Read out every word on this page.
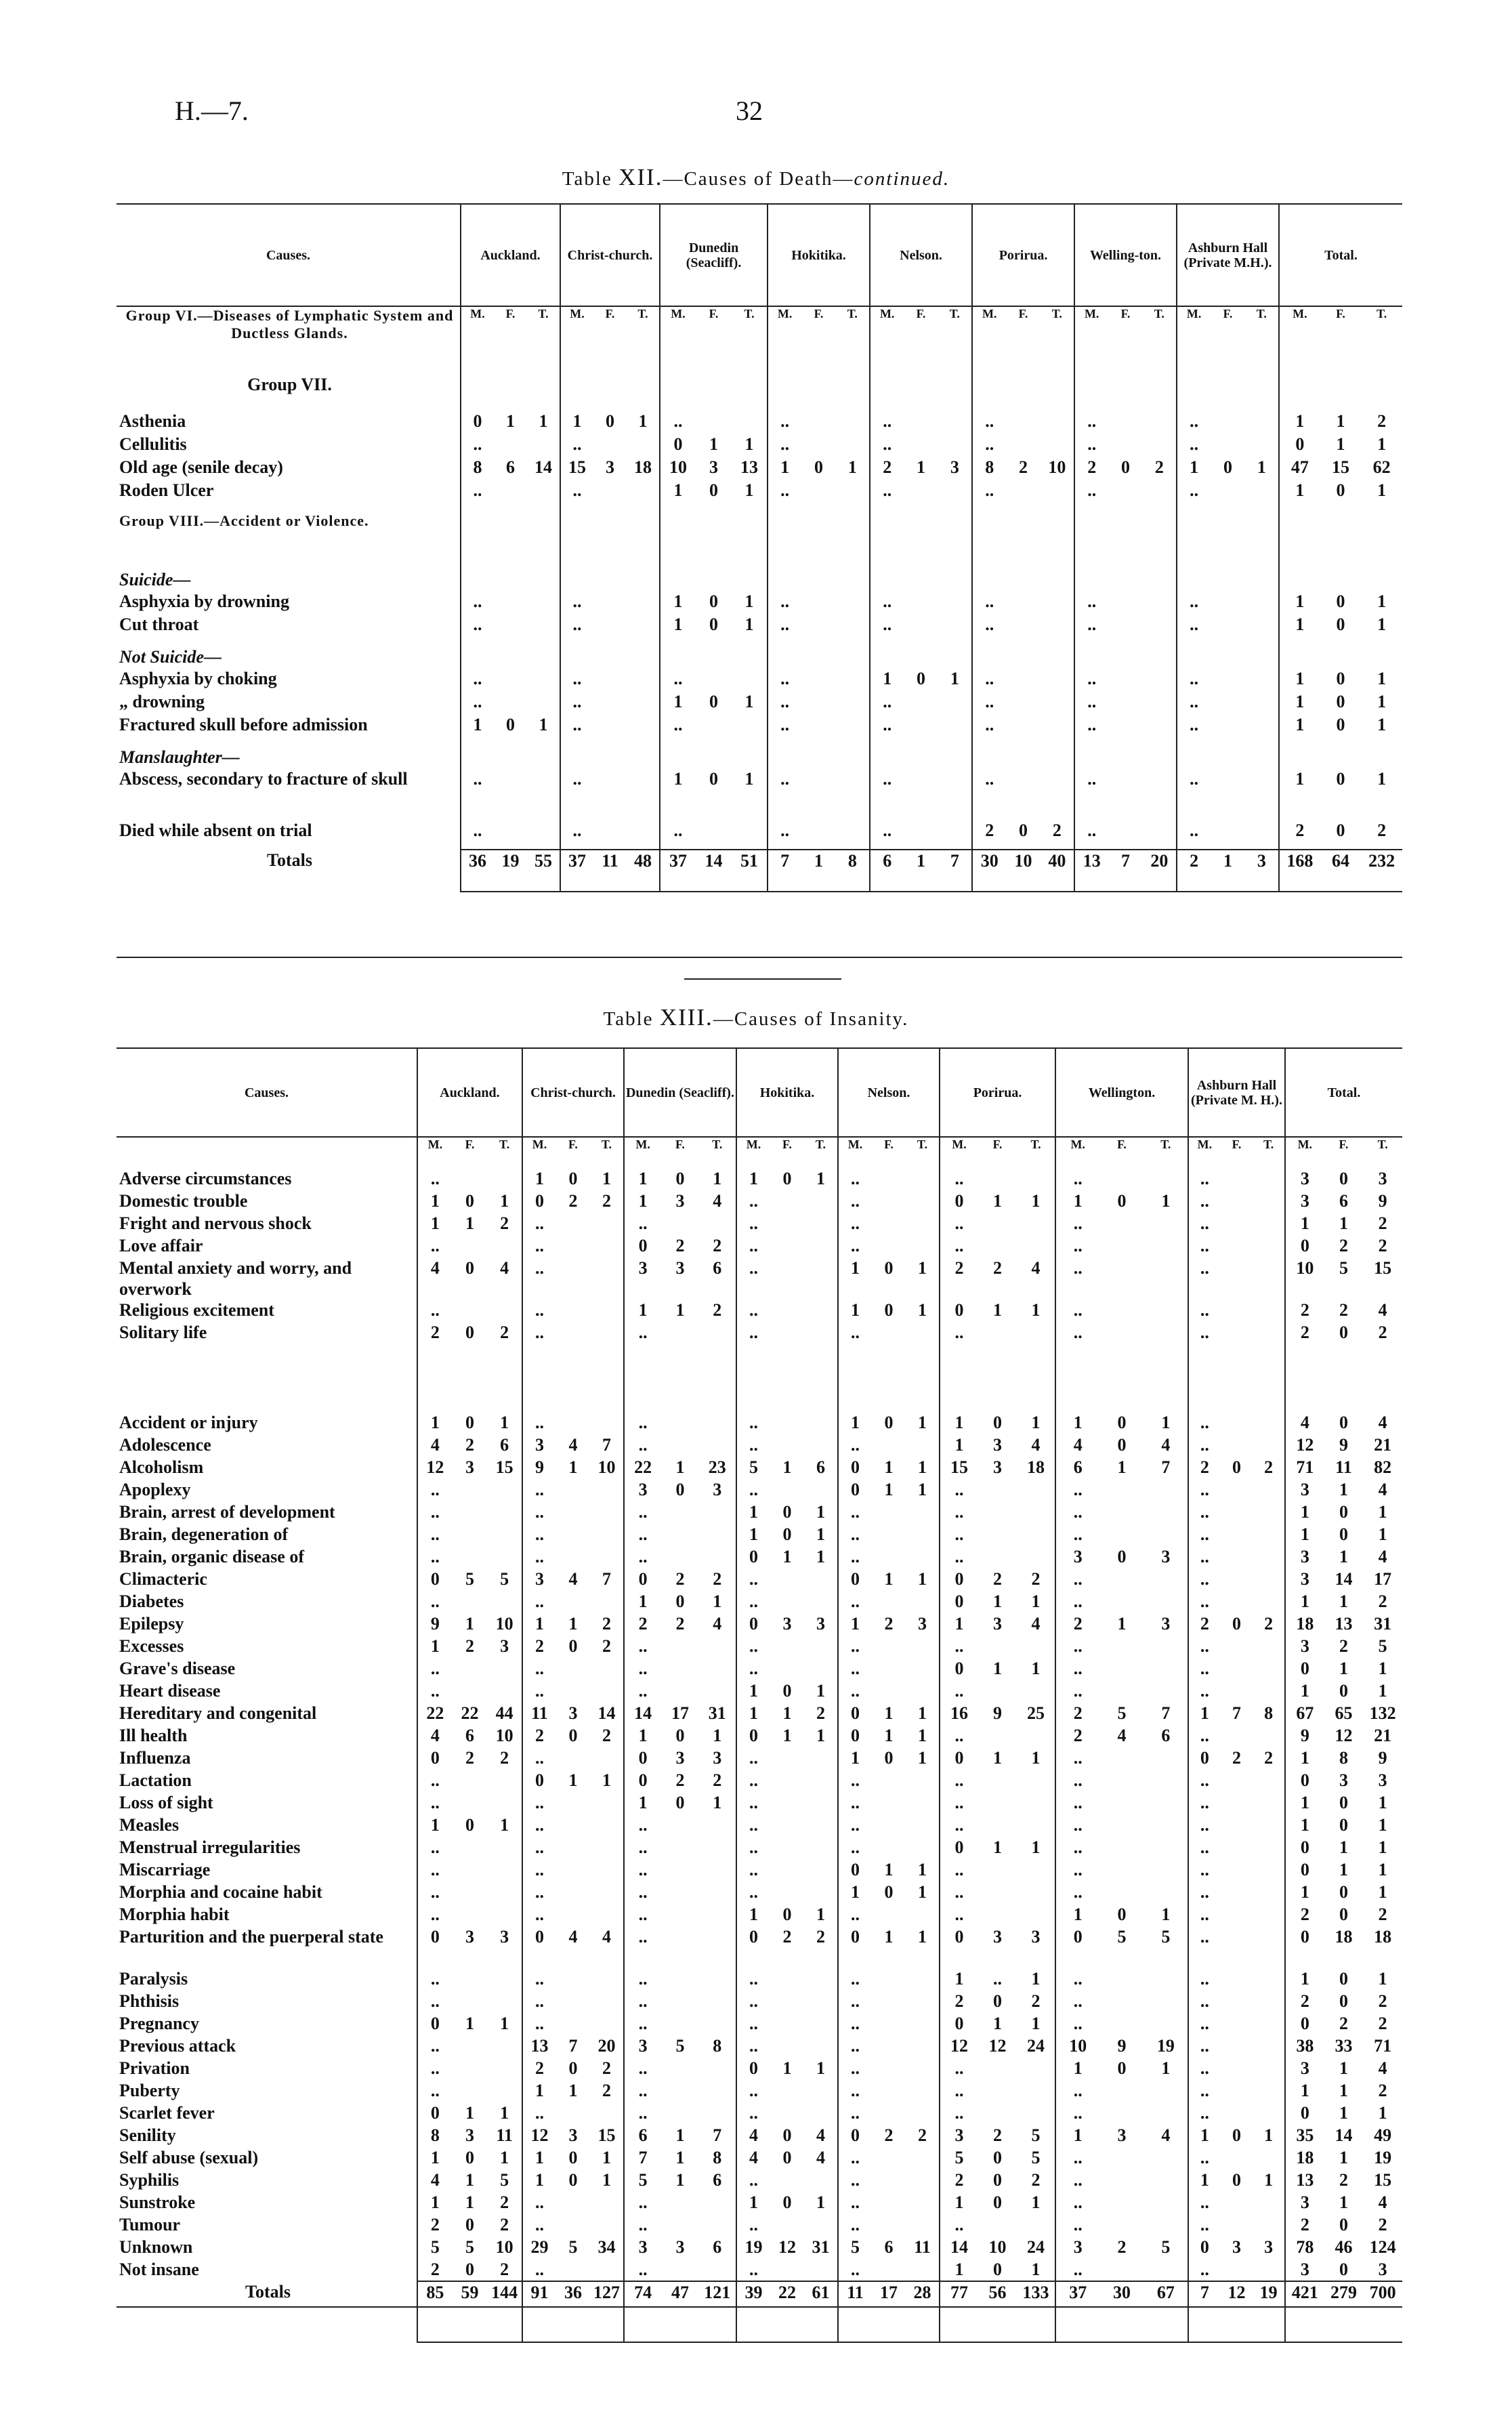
H.—7.	32
Table XII.—Causes of Death—continued.
Causes.	Auckland.			Christ-church.			Dunedin (Seacliff).			Hokitika.			Nelson.			Porirua.			Welling-ton.			Ashburn Hall (Private M.H.).			Total.		
Group VI.—Diseases of Lymphatic System and Ductless Glands.	M.	F.	T.	M.	F.	T.	M.	F.	T.	M.	F.	T.	M.	F.	T.	M.	F.	T.	M.	F.	T.	M.	F.	T.	M.	F.	T.
Group VII.																											
Asthenia	0	1	1	1	0	1	..			..			..			..			..			..			1	1	2
Cellulitis	..			..			0	1	1	..			..			..			..			..			0	1	1
Old age (senile decay)	8	6	14	15	3	18	10	3	13	1	0	1	2	1	3	8	2	10	2	0	2	1	0	1	47	15	62
Roden Ulcer	..			..			1	0	1	..			..			..			..			..			1	0	1
Group VIII.—Accident or Violence.																											
Suicide—																											
Asphyxia by drowning	..			..			1	0	1	..			..			..			..			..			1	0	1
Cut throat	..			..			1	0	1	..			..			..			..			..			1	0	1
Not Suicide—																											
Asphyxia by choking	..			..			..			..			1	0	1	..			..			..			1	0	1
„ drowning	..			..			1	0	1	..			..			..			..			..			1	0	1
Fractured skull before admission	1	0	1	..			..			..			..			..			..			..			1	0	1
Manslaughter—																											
Abscess, secondary to fracture of skull	..			..			1	0	1	..			..			..			..			..			1	0	1
Died while absent on trial	..			..			..			..			..			2	0	2	..			..			2	0	2
Totals	36	19	55	37	11	48	37	14	51	7	1	8	6	1	7	30	10	40	13	7	20	2	1	3	168	64	232
Table XIII.—Causes of Insanity.
Causes.	Auckland.			Christ-church.			Dunedin (Seacliff).			Hokitika.			Nelson.			Porirua.			Wellington.			Ashburn Hall (Private M. H.).			Total.		
	M.	F.	T.	M.	F.	T.	M.	F.	T.	M.	F.	T.	M.	F.	T.	M.	F.	T.	M.	F.	T.	M.	F.	T.	M.	F.	T.
Adverse circumstances	..			1	0	1	1	0	1	1	0	1	..			..			..			..			3	0	3
Domestic trouble	1	0	1	0	2	2	1	3	4	..			..			0	1	1	1	0	1	..			3	6	9
Fright and nervous shock	1	1	2	..			..			..			..			..			..			..			1	1	2
Love affair	..			..			0	2	2	..			..			..			..			..			0	2	2
Mental anxiety and worry, and overwork	4	0	4	..			3	3	6	..			1	0	1	2	2	4	..			..			10	5	15
Religious excitement	..			..			1	1	2	..			1	0	1	0	1	1	..			..			2	2	4
Solitary life	2	0	2	..			..			..			..			..			..			..			2	0	2

Accident or injury	1	0	1	..			..			..			1	0	1	1	0	1	1	0	1	..			4	0	4
Adolescence	4	2	6	3	4	7	..			..			..			1	3	4	4	0	4	..			12	9	21
Alcoholism	12	3	15	9	1	10	22	1	23	5	1	6	0	1	1	15	3	18	6	1	7	2	0	2	71	11	82
Apoplexy	..			..			3	0	3	..			0	1	1	..			..			..			3	1	4
Brain, arrest of development	..			..			..			1	0	1	..			..			..			..			1	0	1
Brain, degeneration of	..			..			..			1	0	1	..			..			..			..			1	0	1
Brain, organic disease of	..			..			..			0	1	1	..			..			3	0	3	..			3	1	4
Climacteric	0	5	5	3	4	7	0	2	2	..			0	1	1	0	2	2	..			..			3	14	17
Diabetes	..			..			1	0	1	..			..			0	1	1	..			..			1	1	2
Epilepsy	9	1	10	1	1	2	2	2	4	0	3	3	1	2	3	1	3	4	2	1	3	2	0	2	18	13	31
Excesses	1	2	3	2	0	2	..			..			..			..			..			..			3	2	5
Grave's disease	..			..			..			..			..			0	1	1	..			..			0	1	1
Heart disease	..			..			..			1	0	1	..			..			..			..			1	0	1
Hereditary and congenital	22	22	44	11	3	14	14	17	31	1	1	2	0	1	1	16	9	25	2	5	7	1	7	8	67	65	132
Ill health	4	6	10	2	0	2	1	0	1	0	1	1	0	1	1	..			2	4	6	..			9	12	21
Influenza	0	2	2	..			0	3	3	..			1	0	1	0	1	1	..			0	2	2	1	8	9
Lactation	..			0	1	1	0	2	2	..			..			..			..			..			0	3	3
Loss of sight	..			..			1	0	1	..			..			..			..			..			1	0	1
Measles	1	0	1	..			..			..			..			..			..			..			1	0	1
Menstrual irregularities	..			..			..			..			..			0	1	1	..			..			0	1	1
Miscarriage	..			..			..			..			0	1	1	..			..			..			0	1	1
Morphia and cocaine habit	..			..			..			..			1	0	1	..			..			..			1	0	1
Morphia habit	..			..			..			1	0	1	..			..			1	0	1	..			2	0	2
Parturition and the puerperal state	0	3	3	0	4	4	..			0	2	2	0	1	1	0	3	3	0	5	5	..			0	18	18
Paralysis	..			..			..			..			..			1	..	1	..			..			1	0	1
Phthisis	..			..			..			..			..			2	0	2	..			..			2	0	2
Pregnancy	0	1	1	..			..			..			..			0	1	1	..			..			0	2	2
Previous attack	..			13	7	20	3	5	8	..			..			12	12	24	10	9	19	..			38	33	71
Privation	..			2	0	2	..			0	1	1	..			..			1	0	1	..			3	1	4
Puberty	..			1	1	2	..			..			..			..			..			..			1	1	2
Scarlet fever	0	1	1	..			..			..			..			..			..			..			0	1	1
Senility	8	3	11	12	3	15	6	1	7	4	0	4	0	2	2	3	2	5	1	3	4	1	0	1	35	14	49
Self abuse (sexual)	1	0	1	1	0	1	7	1	8	4	0	4	..			5	0	5	..			..			18	1	19
Syphilis	4	1	5	1	0	1	5	1	6	..			..			2	0	2	..			1	0	1	13	2	15
Sunstroke	1	1	2	..			..			1	0	1	..			1	0	1	..			..			3	1	4
Tumour	2	0	2	..			..			..			..			..			..			..			2	0	2
Unknown	5	5	10	29	5	34	3	3	6	19	12	31	5	6	11	14	10	24	3	2	5	0	3	3	78	46	124
Not insane	2	0	2	..			..			..			..			1	0	1	..			..			3	0	3
Totals	85	59	144	91	36	127	74	47	121	39	22	61	11	17	28	77	56	133	37	30	67	7	12	19	421	279	700
